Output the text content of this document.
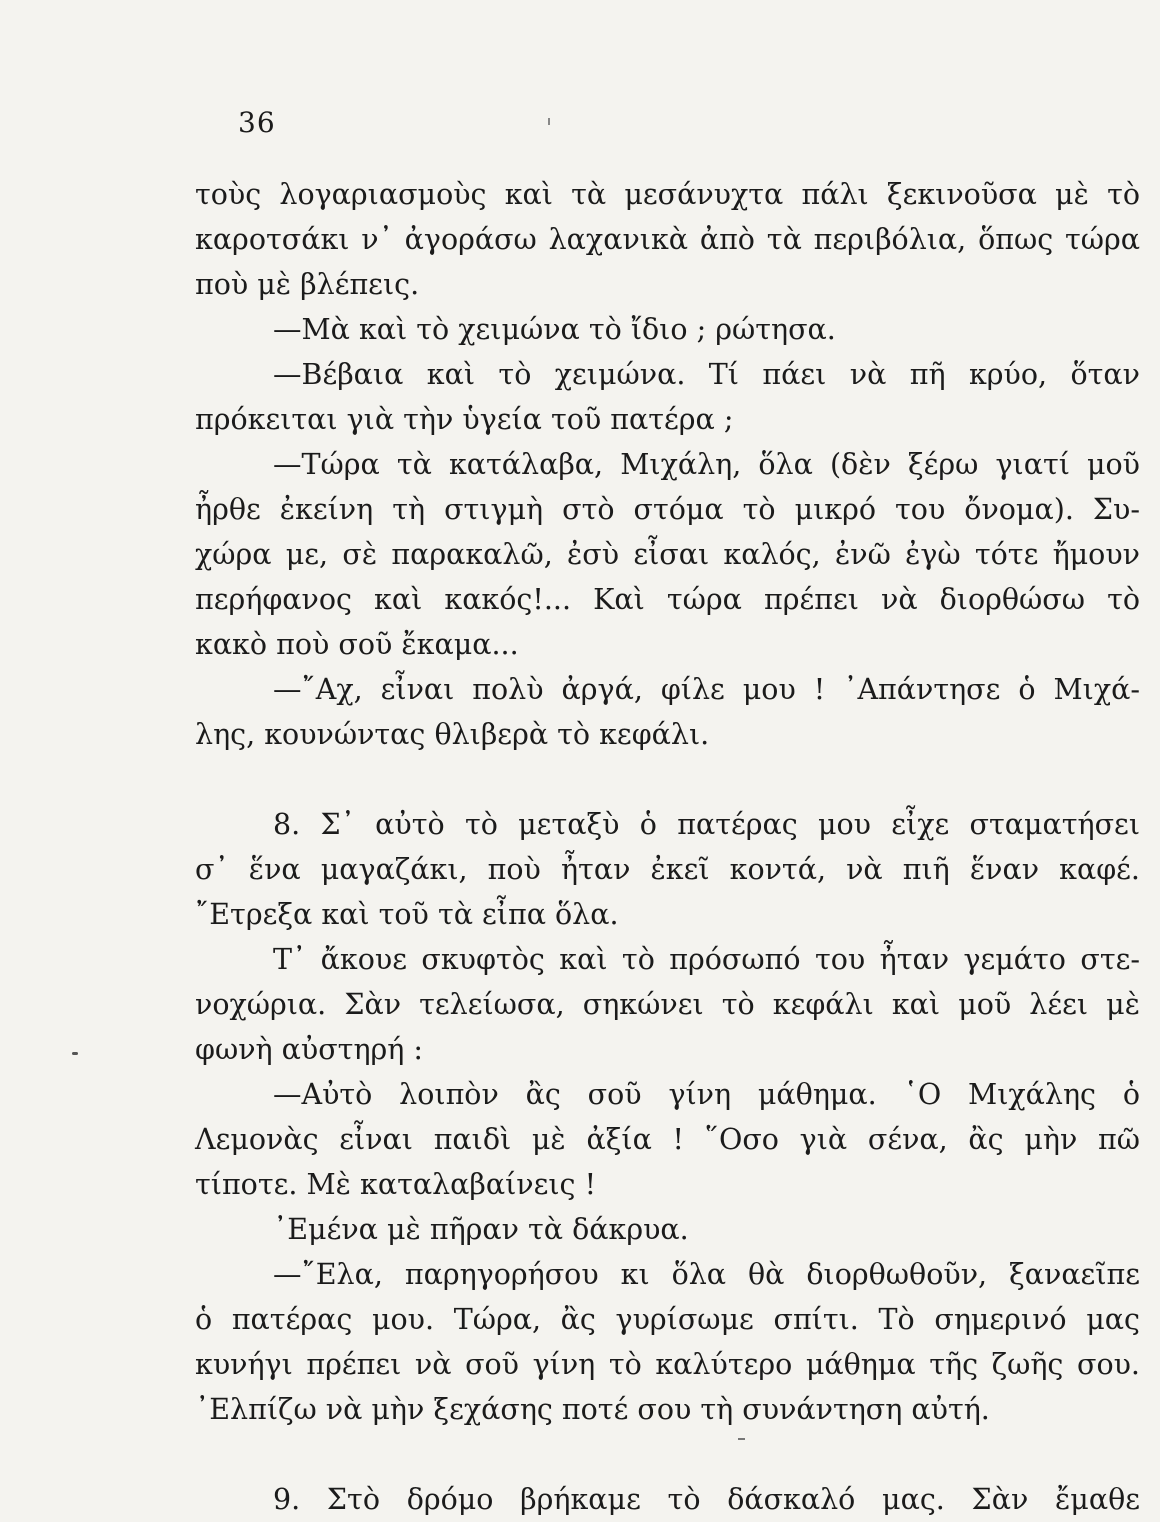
36
τοὺς λογαριασμοὺς καὶ τὰ μεσάνυχτα πάλι ξεκινοῦσα μὲ τὸ
καροτσάκι ν᾿ ἀγοράσω λαχανικὰ ἀπὸ τὰ περιβόλια, ὅπως τώρα
ποὺ μὲ βλέπεις.
—Μὰ καὶ τὸ χειμώνα τὸ ἴδιο ; ρώτησα.
—Βέβαια καὶ τὸ χειμώνα. Τί πάει νὰ πῆ κρύο, ὅταν
πρόκειται γιὰ τὴν ὑγεία τοῦ πατέρα ;
—Τώρα τὰ κατάλαβα, Μιχάλη, ὅλα (δὲν ξέρω γιατί μοῦ
ἦρθε ἐκείνη τὴ στιγμὴ στὸ στόμα τὸ μικρό του ὄνομα). Συ-
χώρα με, σὲ παρακαλῶ, ἐσὺ εἶσαι καλός, ἐνῶ ἐγὼ τότε ἤμουν
περήφανος καὶ κακός!... Καὶ τώρα πρέπει νὰ διορθώσω τὸ
κακὸ ποὺ σοῦ ἔκαμα...
—῎Αχ, εἶναι πολὺ ἀργά, φίλε μου ! ᾿Απάντησε ὁ Μιχά-
λης, κουνώντας θλιβερὰ τὸ κεφάλι.
8. Σ᾿ αὐτὸ τὸ μεταξὺ ὁ πατέρας μου εἶχε σταματήσει
σ᾿ ἕνα μαγαζάκι, ποὺ ἦταν ἐκεῖ κοντά, νὰ πιῆ ἕναν καφέ.
῎Ετρεξα καὶ τοῦ τὰ εἶπα ὅλα.
Τ᾿ ἄκουε σκυφτὸς καὶ τὸ πρόσωπό του ἦταν γεμάτο στε-
νοχώρια. Σὰν τελείωσα, σηκώνει τὸ κεφάλι καὶ μοῦ λέει μὲ
φωνὴ αὐστηρή :
—Αὐτὸ λοιπὸν ἂς σοῦ γίνη μάθημα. ῾Ο Μιχάλης ὁ
Λεμονὰς εἶναι παιδὶ μὲ ἀξία ! ῞Οσο γιὰ σένα, ἂς μὴν πῶ
τίποτε. Μὲ καταλαβαίνεις !
᾿Εμένα μὲ πῆραν τὰ δάκρυα.
—῎Ελα, παρηγορήσου κι ὅλα θὰ διορθωθοῦν, ξαναεῖπε
ὁ πατέρας μου. Τώρα, ἂς γυρίσωμε σπίτι. Τὸ σημερινό μας
κυνήγι πρέπει νὰ σοῦ γίνη τὸ καλύτερο μάθημα τῆς ζωῆς σου.
᾿Ελπίζω νὰ μὴν ξεχάσης ποτέ σου τὴ συνάντηση αὐτή.
9. Στὸ δρόμο βρήκαμε τὸ δάσκαλό μας. Σὰν ἔμαθε
